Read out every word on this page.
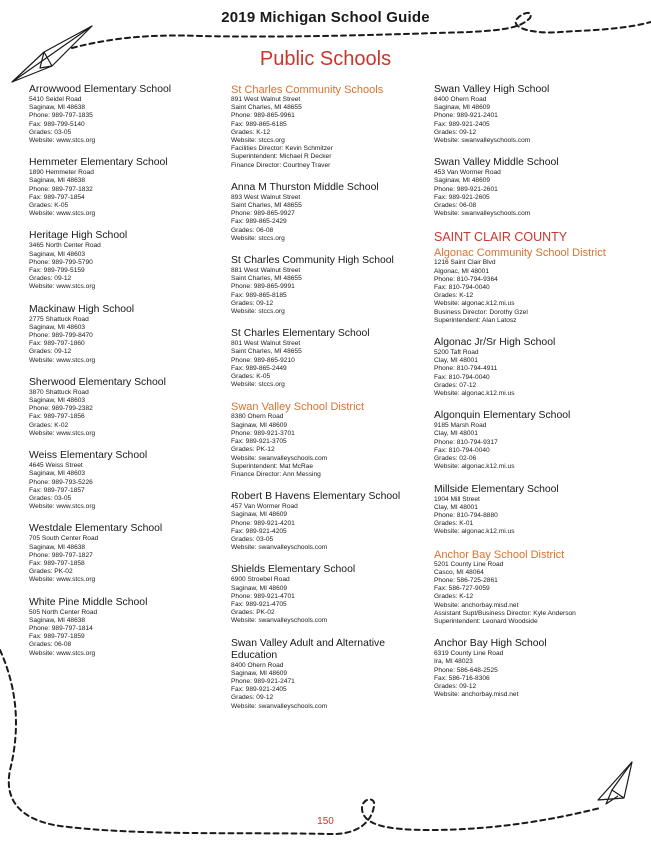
2019 Michigan School Guide
Public Schools
Arrowwood Elementary School
5410 Seidel Road
Saginaw, MI 48638
Phone: 989-797-1835
Fax: 989-799-5140
Grades: 03-05
Website: www.stcs.org
Hemmeter Elementary School
1890 Hemmeter Road
Saginaw, MI 48638
Phone: 989-797-1832
Fax: 989-797-1854
Grades: K-05
Website: www.stcs.org
Heritage High School
3465 North Center Road
Saginaw, MI 48603
Phone: 989-799-5790
Fax: 989-799-5159
Grades: 09-12
Website: www.stcs.org
Mackinaw High School
2775 Shattuck Road
Saginaw, MI 48603
Phone: 989-799-8470
Fax: 989-797-1860
Grades: 09-12
Website: www.stcs.org
Sherwood Elementary School
3870 Shattuck Road
Saginaw, MI 48603
Phone: 989-799-2382
Fax: 989-797-1856
Grades: K-02
Website: www.stcs.org
Weiss Elementary School
4645 Weiss Street
Saginaw, MI 48603
Phone: 989-793-5226
Fax: 989-797-1857
Grades: 03-05
Website: www.stcs.org
Westdale Elementary School
705 South Center Road
Saginaw, MI 48638
Phone: 989-797-1827
Fax: 989-797-1858
Grades: PK-02
Website: www.stcs.org
White Pine Middle School
505 North Center Road
Saginaw, MI 48638
Phone: 989-797-1814
Fax: 989-797-1859
Grades: 06-08
Website: www.stcs.org
St Charles Community Schools
891 West Walnut Street
Saint Charles, MI 48655
Phone: 989-865-9961
Fax: 989-865-6185
Grades: K-12
Website: stccs.org
Facilities Director: Kevin Schmitzer
Superintendent: Michael R Decker
Finance Director: Courtney Traver
Anna M Thurston Middle School
893 West Walnut Street
Saint Charles, MI 48655
Phone: 989-865-9927
Fax: 989-865-2429
Grades: 06-08
Website: stccs.org
St Charles Community High School
881 West Walnut Street
Saint Charles, MI 48655
Phone: 989-865-9991
Fax: 989-865-8185
Grades: 09-12
Website: stccs.org
St Charles Elementary School
801 West Walnut Street
Saint Charles, MI 48655
Phone: 989-865-9210
Fax: 989-865-2449
Grades: K-05
Website: stccs.org
Swan Valley School District
8380 Ohern Road
Saginaw, MI 48609
Phone: 989-921-3701
Fax: 989-921-3705
Grades: PK-12
Website: swanvalleyschools.com
Superintendent: Mat McRae
Finance Director: Ann Messing
Robert B Havens Elementary School
457 Van Wormer Road
Saginaw, MI 48609
Phone: 989-921-4201
Fax: 989-921-4205
Grades: 03-05
Website: swanvalleyschools.com
Shields Elementary School
6900 Stroebel Road
Saginaw, MI 48609
Phone: 989-921-4701
Fax: 989-921-4705
Grades: PK-02
Website: swanvalleyschools.com
Swan Valley Adult and Alternative Education
8400 Ohern Road
Saginaw, MI 48609
Phone: 989-921-2471
Fax: 989-921-2405
Grades: 09-12
Website: swanvalleyschools.com
Swan Valley High School
8400 Ohern Road
Saginaw, MI 48609
Phone: 989-921-2401
Fax: 989-921-2405
Grades: 09-12
Website: swanvalleyschools.com
Swan Valley Middle School
453 Van Wormer Road
Saginaw, MI 48609
Phone: 989-921-2601
Fax: 989-921-2605
Grades: 06-08
Website: swanvalleyschools.com
SAINT CLAIR COUNTY
Algonac Community School District
1216 Saint Clair Blvd
Algonac, MI 48001
Phone: 810-794-9364
Fax: 810-794-0040
Grades: K-12
Website: algonac.k12.mi.us
Business Director: Dorothy Gzel
Superintendent: Alan Latosz
Algonac Jr/Sr High School
5200 Taft Road
Clay, MI 48001
Phone: 810-794-4911
Fax: 810-794-0040
Grades: 07-12
Website: algonac.k12.mi.us
Algonquin Elementary School
9185 Marsh Road
Clay, MI 48001
Phone: 810-794-9317
Fax: 810-794-0040
Grades: 02-06
Website: algonac.k12.mi.us
Millside Elementary School
1904 Mill Street
Clay, MI 48001
Phone: 810-794-8880
Grades: K-01
Website: algonac.k12.mi.us
Anchor Bay School District
5201 County Line Road
Casco, MI 48064
Phone: 586-725-2861
Fax: 586-727-9059
Grades: K-12
Website: anchorbay.misd.net
Assistant Supt/Business Director: Kyle Anderson
Superintendent: Leonard Woodside
Anchor Bay High School
6319 County Line Road
Ira, MI 48023
Phone: 586-648-2525
Fax: 586-716-8306
Grades: 09-12
Website: anchorbay.misd.net
150
